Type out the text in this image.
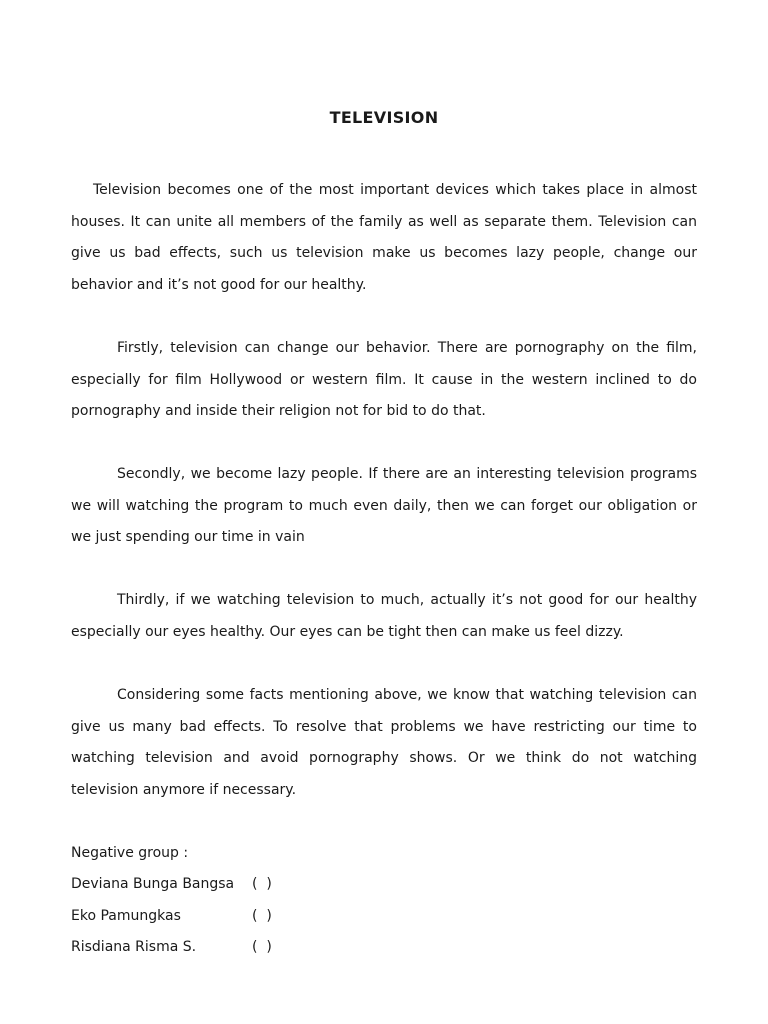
TELEVISION

Television becomes one of the most important devices which takes place in almost houses. It can unite all members of the family as well as separate them. Television can give us bad effects, such us television make us becomes lazy people, change our behavior and it’s not good for our healthy.

Firstly, television can change our behavior. There are pornography on the film, especially for film Hollywood or western film. It cause in the western inclined to do pornography and inside their religion not for bid to do that.

Secondly, we become lazy people. If there are an interesting television programs we will watching the program to much even daily, then we can forget our obligation or we just spending our time in vain

Thirdly, if we watching television to much, actually it’s not good for our healthy especially our eyes healthy. Our eyes can be tight then can make us feel dizzy.

Considering some facts mentioning above, we know that watching television can give us many bad effects. To resolve that problems we have restricting our time to watching television and avoid pornography shows. Or we think do not watching television anymore if necessary.

Negative group :
Deviana Bunga Bangsa (  )
Eko Pamungkas	(  )
Risdiana Risma S.	(  )
